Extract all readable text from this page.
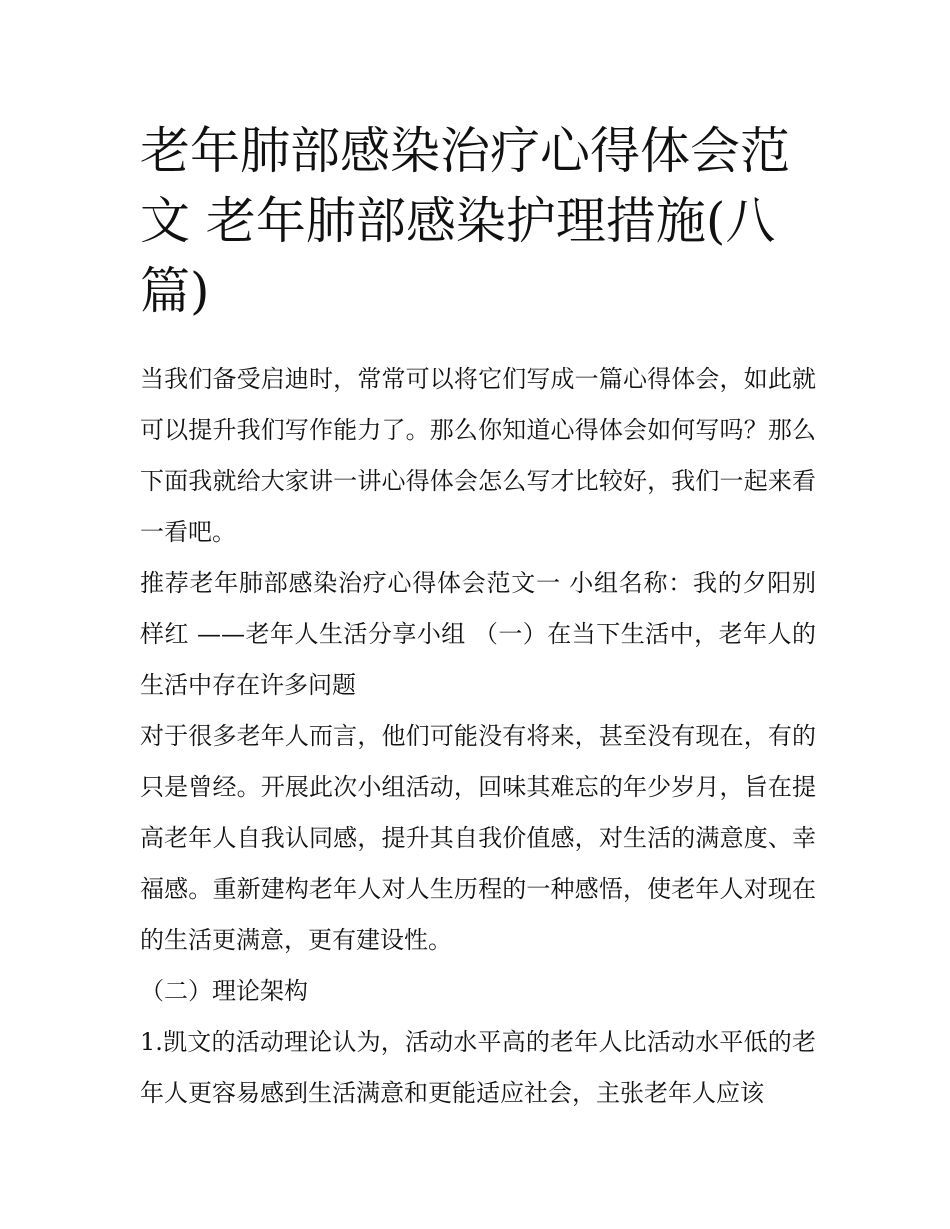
老年肺部感染治疗心得体会范文 老年肺部感染护理措施(八篇)

当我们备受启迪时，常常可以将它们写成一篇心得体会，如此就可以提升我们写作能力了。那么你知道心得体会如何写吗？那么下面我就给大家讲一讲心得体会怎么写才比较好，我们一起来看一看吧。

推荐老年肺部感染治疗心得体会范文一 小组名称：我的夕阳别样红 ——老年人生活分享小组 （一）在当下生活中，老年人的生活中存在许多问题

对于很多老年人而言，他们可能没有将来，甚至没有现在，有的只是曾经。开展此次小组活动，回味其难忘的年少岁月，旨在提高老年人自我认同感，提升其自我价值感，对生活的满意度、幸福感。重新建构老年人对人生历程的一种感悟，使老年人对现在的生活更满意，更有建设性。

（二）理论架构

1.凯文的活动理论认为，活动水平高的老年人比活动水平低的老年人更容易感到生活满意和更能适应社会，主张老年人应该
